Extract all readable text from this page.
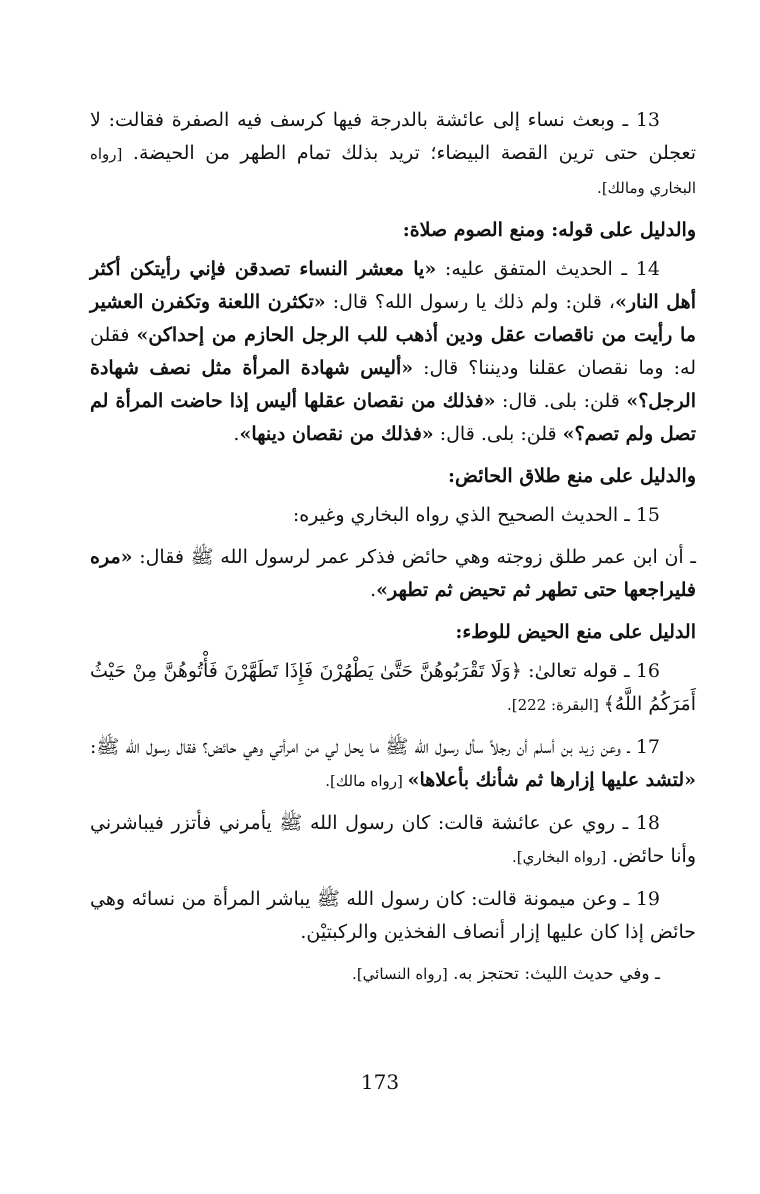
13 ـ وبعث نساء إلى عائشة بالدرجة فيها كرسف فيه الصفرة فقالت: لا تعجلن حتى ترين القصة البيضاء؛ تريد بذلك تمام الطهر من الحيضة. [رواه البخاري ومالك].

والدليل على قوله: ومنع الصوم صلاة:

14 ـ الحديث المتفق عليه: «يا معشر النساء تصدقن فإني رأيتكن أكثر أهل النار»، قلن: ولم ذلك يا رسول الله؟ قال: «تكثرن اللعنة وتكفرن العشير ما رأيت من ناقصات عقل ودين أذهب للب الرجل الحازم من إحداكن» فقلن له: وما نقصان عقلنا وديننا؟ قال: «أليس شهادة المرأة مثل نصف شهادة الرجل؟» قلن: بلى. قال: «فذلك من نقصان عقلها أليس إذا حاضت المرأة لم تصل ولم تصم؟» قلن: بلى. قال: «فذلك من نقصان دينها».

والدليل على منع طلاق الحائض:

15 ـ الحديث الصحيح الذي رواه البخاري وغيره:

ـ أن ابن عمر طلق زوجته وهي حائض فذكر عمر لرسول الله ﷺ فقال: «مره فليراجعها حتى تطهر ثم تحيض ثم تطهر».

الدليل على منع الحيض للوطء:

16 ـ قوله تعالىٰ: ﴿وَلَا تَقْرَبُوهُنَّ حَتَّىٰ يَطْهُرْنَ فَإِذَا تَطَهَّرْنَ فَأْتُوهُنَّ مِنْ حَيْثُ أَمَرَكُمُ اللَّهُ﴾ [البقرة: 222].

17 ـ وعن زيد بن أسلم أن رجلاً سأل رسول الله ﷺ ما يحل لي من امرأتي وهي حائض؟ فقال رسول الله ﷺ: «لتشد عليها إزارها ثم شأنك بأعلاها» [رواه مالك].

18 ـ روي عن عائشة قالت: كان رسول الله ﷺ يأمرني فأتزر فيباشرني وأنا حائض. [رواه البخاري].

19 ـ وعن ميمونة قالت: كان رسول الله ﷺ يباشر المرأة من نسائه وهي حائض إذا كان عليها إزار أنصاف الفخذين والركبتيْن.

ـ وفي حديث الليث: تحتجز به. [رواه النسائي].

173
